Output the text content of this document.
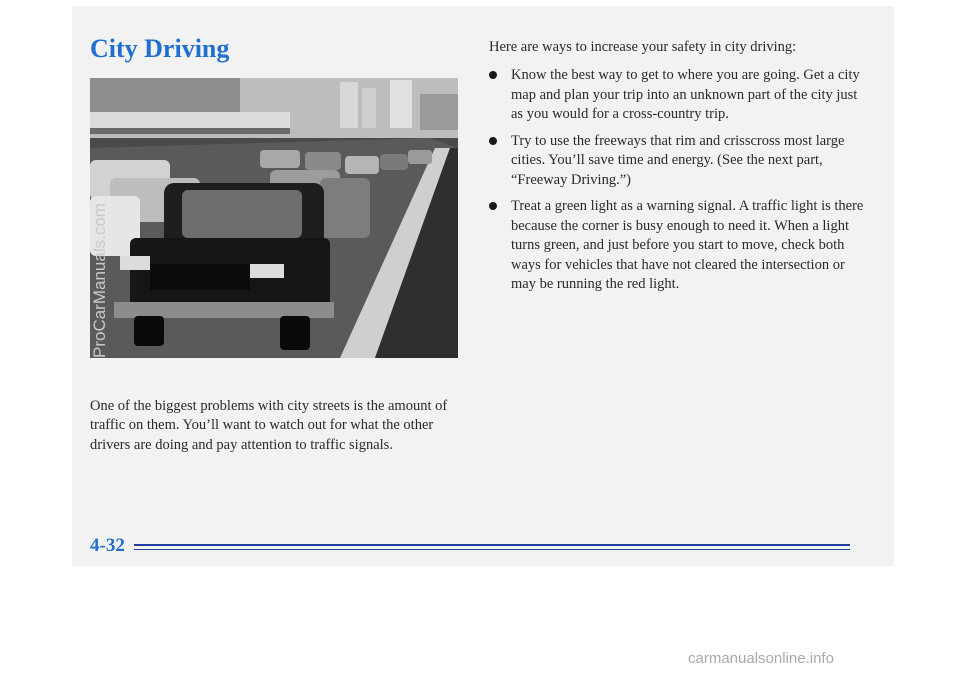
City Driving

One of the biggest problems with city streets is the amount of traffic on them. You’ll want to watch out for what the other drivers are doing and pay attention to traffic signals.

Here are ways to increase your safety in city driving:

Know the best way to get to where you are going. Get a city map and plan your trip into an unknown part of the city just as you would for a cross-country trip.
Try to use the freeways that rim and crisscross most large cities. You’ll save time and energy. (See the next part, “Freeway Driving.”)
Treat a green light as a warning signal. A traffic light is there because the corner is busy enough to need it. When a light turns green, and just before you start to move, check both ways for vehicles that have not cleared the intersection or may be running the red light.

4-32

carmanualsonline.info
